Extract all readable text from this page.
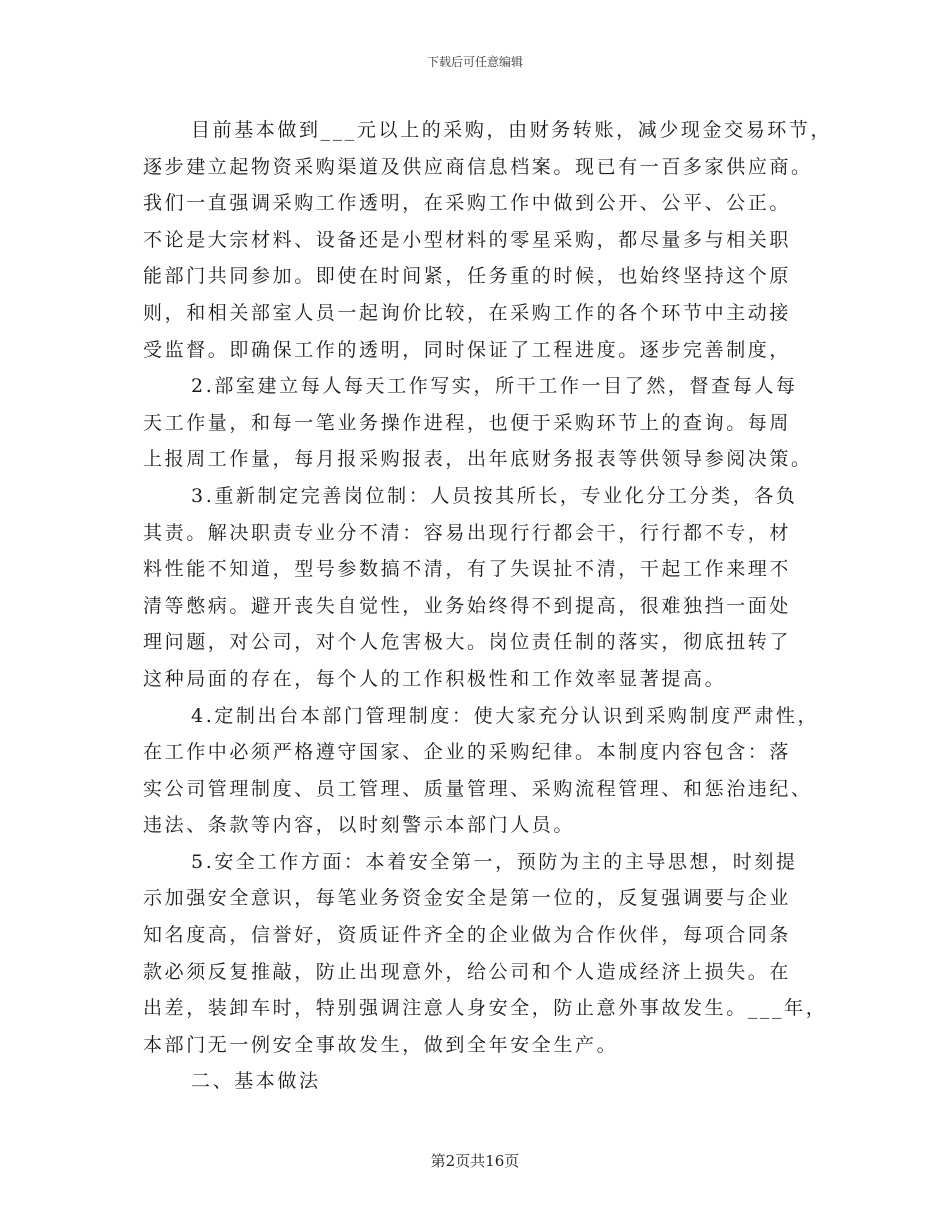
下载后可任意编辑
目前基本做到___元以上的采购，由财务转账，减少现金交易环节，
逐步建立起物资采购渠道及供应商信息档案。现已有一百多家供应商。
我们一直强调采购工作透明，在采购工作中做到公开、公平、公正。
不论是大宗材料、设备还是小型材料的零星采购，都尽量多与相关职
能部门共同参加。即使在时间紧，任务重的时候，也始终坚持这个原
则，和相关部室人员一起询价比较，在采购工作的各个环节中主动接
受监督。即确保工作的透明，同时保证了工程进度。逐步完善制度，
2.部室建立每人每天工作写实，所干工作一目了然，督查每人每
天工作量，和每一笔业务操作进程，也便于采购环节上的查询。每周
上报周工作量，每月报采购报表，出年底财务报表等供领导参阅决策。
3.重新制定完善岗位制：人员按其所长，专业化分工分类，各负
其责。解决职责专业分不清：容易出现行行都会干，行行都不专，材
料性能不知道，型号参数搞不清，有了失误扯不清，干起工作来理不
清等憋病。避开丧失自觉性，业务始终得不到提高，很难独挡一面处
理问题，对公司，对个人危害极大。岗位责任制的落实，彻底扭转了
这种局面的存在，每个人的工作积极性和工作效率显著提高。
4.定制出台本部门管理制度：使大家充分认识到采购制度严肃性，
在工作中必须严格遵守国家、企业的采购纪律。本制度内容包含：落
实公司管理制度、员工管理、质量管理、采购流程管理、和惩治违纪、
违法、条款等内容，以时刻警示本部门人员。
5.安全工作方面：本着安全第一，预防为主的主导思想，时刻提
示加强安全意识，每笔业务资金安全是第一位的，反复强调要与企业
知名度高，信誉好，资质证件齐全的企业做为合作伙伴，每项合同条
款必须反复推敲，防止出现意外，给公司和个人造成经济上损失。在
出差，装卸车时，特别强调注意人身安全，防止意外事故发生。___年，
本部门无一例安全事故发生，做到全年安全生产。
二、基本做法
第2页共16页
